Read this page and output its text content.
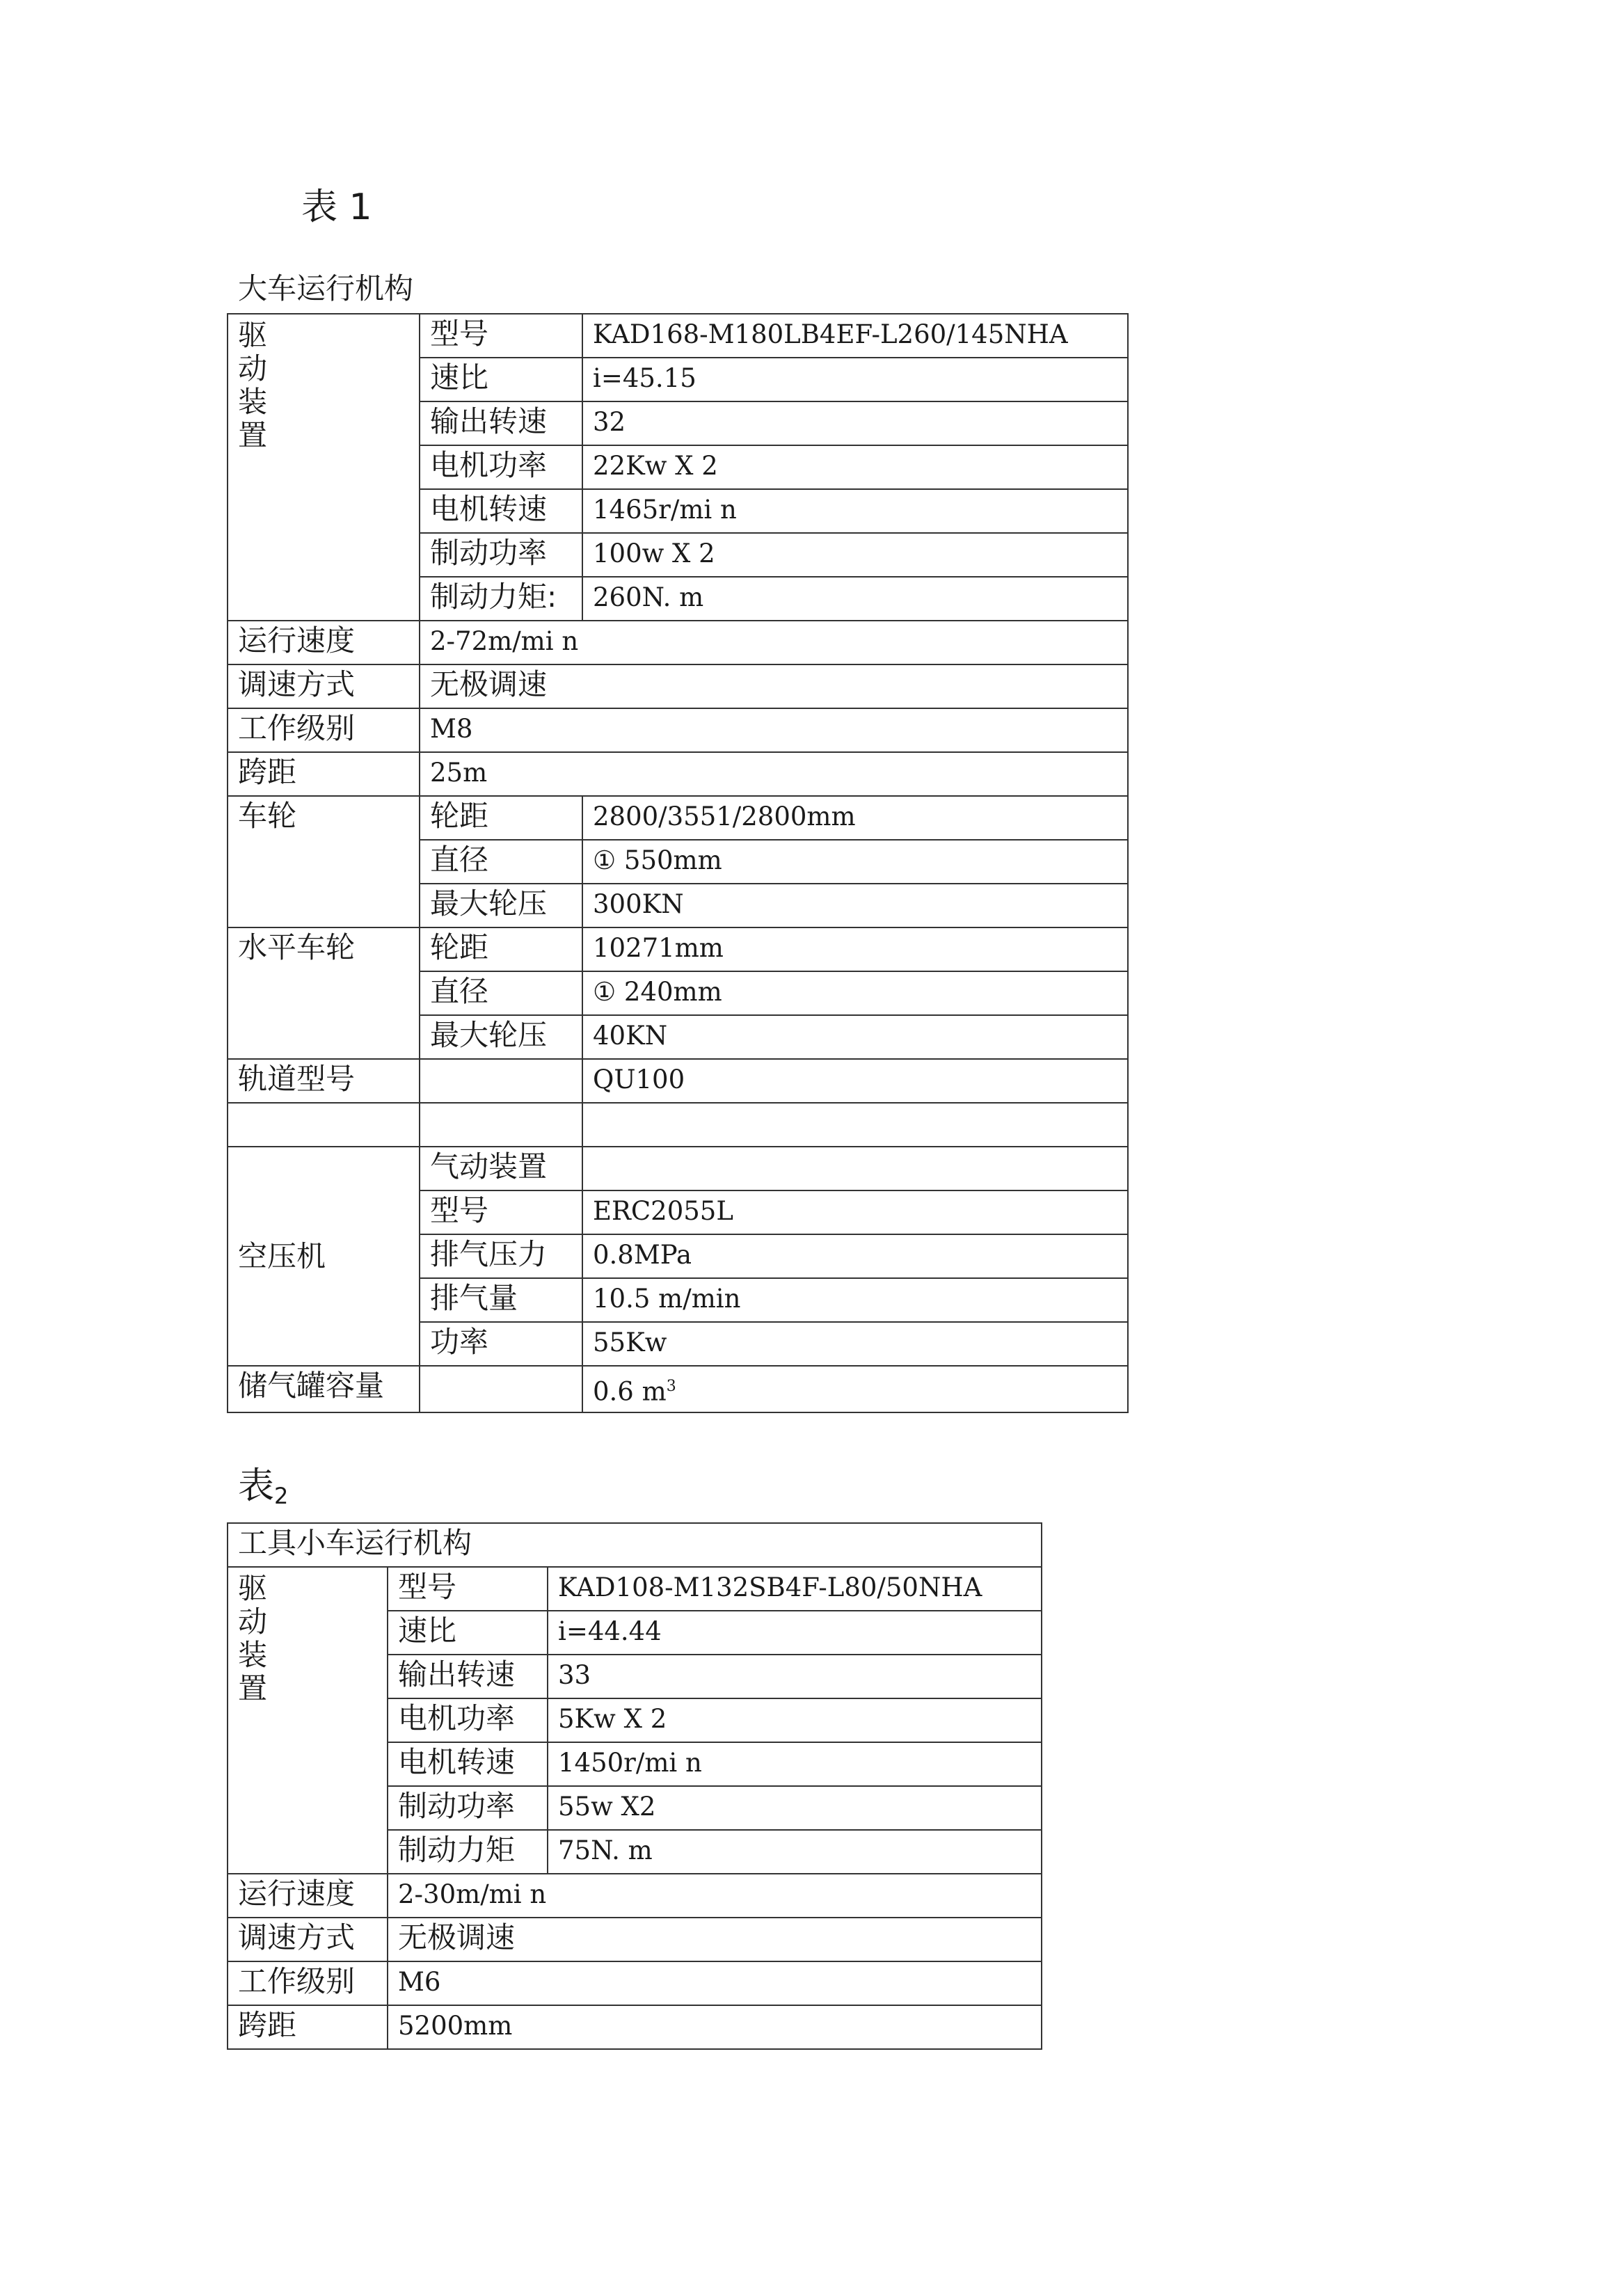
表 1
大车运行机构
驱动装置	型号	KAD168-M180LB4EF-L260/145NHA
	速比	i=45.15
	输出转速	32
	电机功率	22Kw X 2
	电机转速	1465r/mi n
	制动功率	100w X 2
	制动力矩:	260N. m
运行速度	2-72m/mi n	
调速方式	无极调速	
工作级别	M8	
跨距	25m	
车轮	轮距	2800/3551/2800mm
	直径	① 550mm
	最大轮压	300KN
水平车轮	轮距	10271mm
	直径	① 240mm
	最大轮压	40KN
轨道型号		QU100

空压机	气动装置	
	型号	ERC2055L
	排气压力	0.8MPa
	排气量	10.5 m/min
	功率	55Kw
储气罐容量		0.6 $m^3$
表$_2$
工具小车运行机构		

驱动装置	型号	KAD108-M132SB4F-L80/50NHA
	速比	i=44.44
	输出转速	33
	电机功率	5Kw X 2
	电机转速	1450r/mi n
	制动功率	55w X2
	制动力矩	75N. m
运行速度	2-30m/mi n	
调速方式	无极调速	
工作级别	M6	
跨距	5200mm	
